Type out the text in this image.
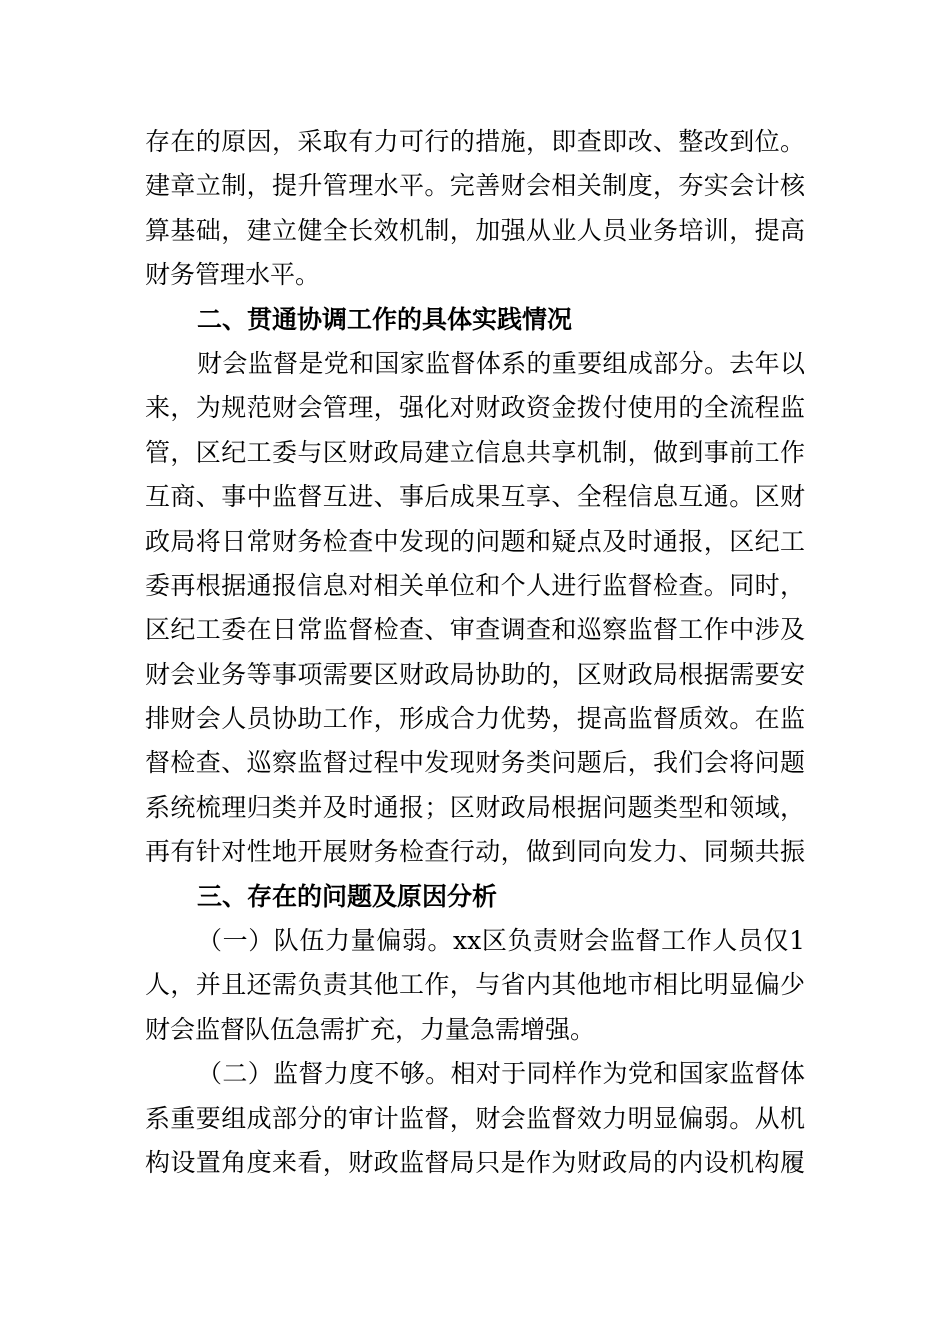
存在的原因，采取有力可行的措施，即查即改、整改到位。
建章立制，提升管理水平。完善财会相关制度，夯实会计核
算基础，建立健全长效机制，加强从业人员业务培训，提高
财务管理水平。
二、贯通协调工作的具体实践情况
财会监督是党和国家监督体系的重要组成部分。去年以
来，为规范财会管理，强化对财政资金拨付使用的全流程监
管，区纪工委与区财政局建立信息共享机制，做到事前工作
互商、事中监督互进、事后成果互享、全程信息互通。区财
政局将日常财务检查中发现的问题和疑点及时通报，区纪工
委再根据通报信息对相关单位和个人进行监督检查。同时，
区纪工委在日常监督检查、审查调查和巡察监督工作中涉及
财会业务等事项需要区财政局协助的，区财政局根据需要安
排财会人员协助工作，形成合力优势，提高监督质效。在监
督检查、巡察监督过程中发现财务类问题后，我们会将问题
系统梳理归类并及时通报；区财政局根据问题类型和领域，
再有针对性地开展财务检查行动，做到同向发力、同频共振
三、存在的问题及原因分析
（一）队伍力量偏弱。xx区负责财会监督工作人员仅1
人，并且还需负责其他工作，与省内其他地市相比明显偏少
财会监督队伍急需扩充，力量急需增强。
（二）监督力度不够。相对于同样作为党和国家监督体
系重要组成部分的审计监督，财会监督效力明显偏弱。从机
构设置角度来看，财政监督局只是作为财政局的内设机构履
